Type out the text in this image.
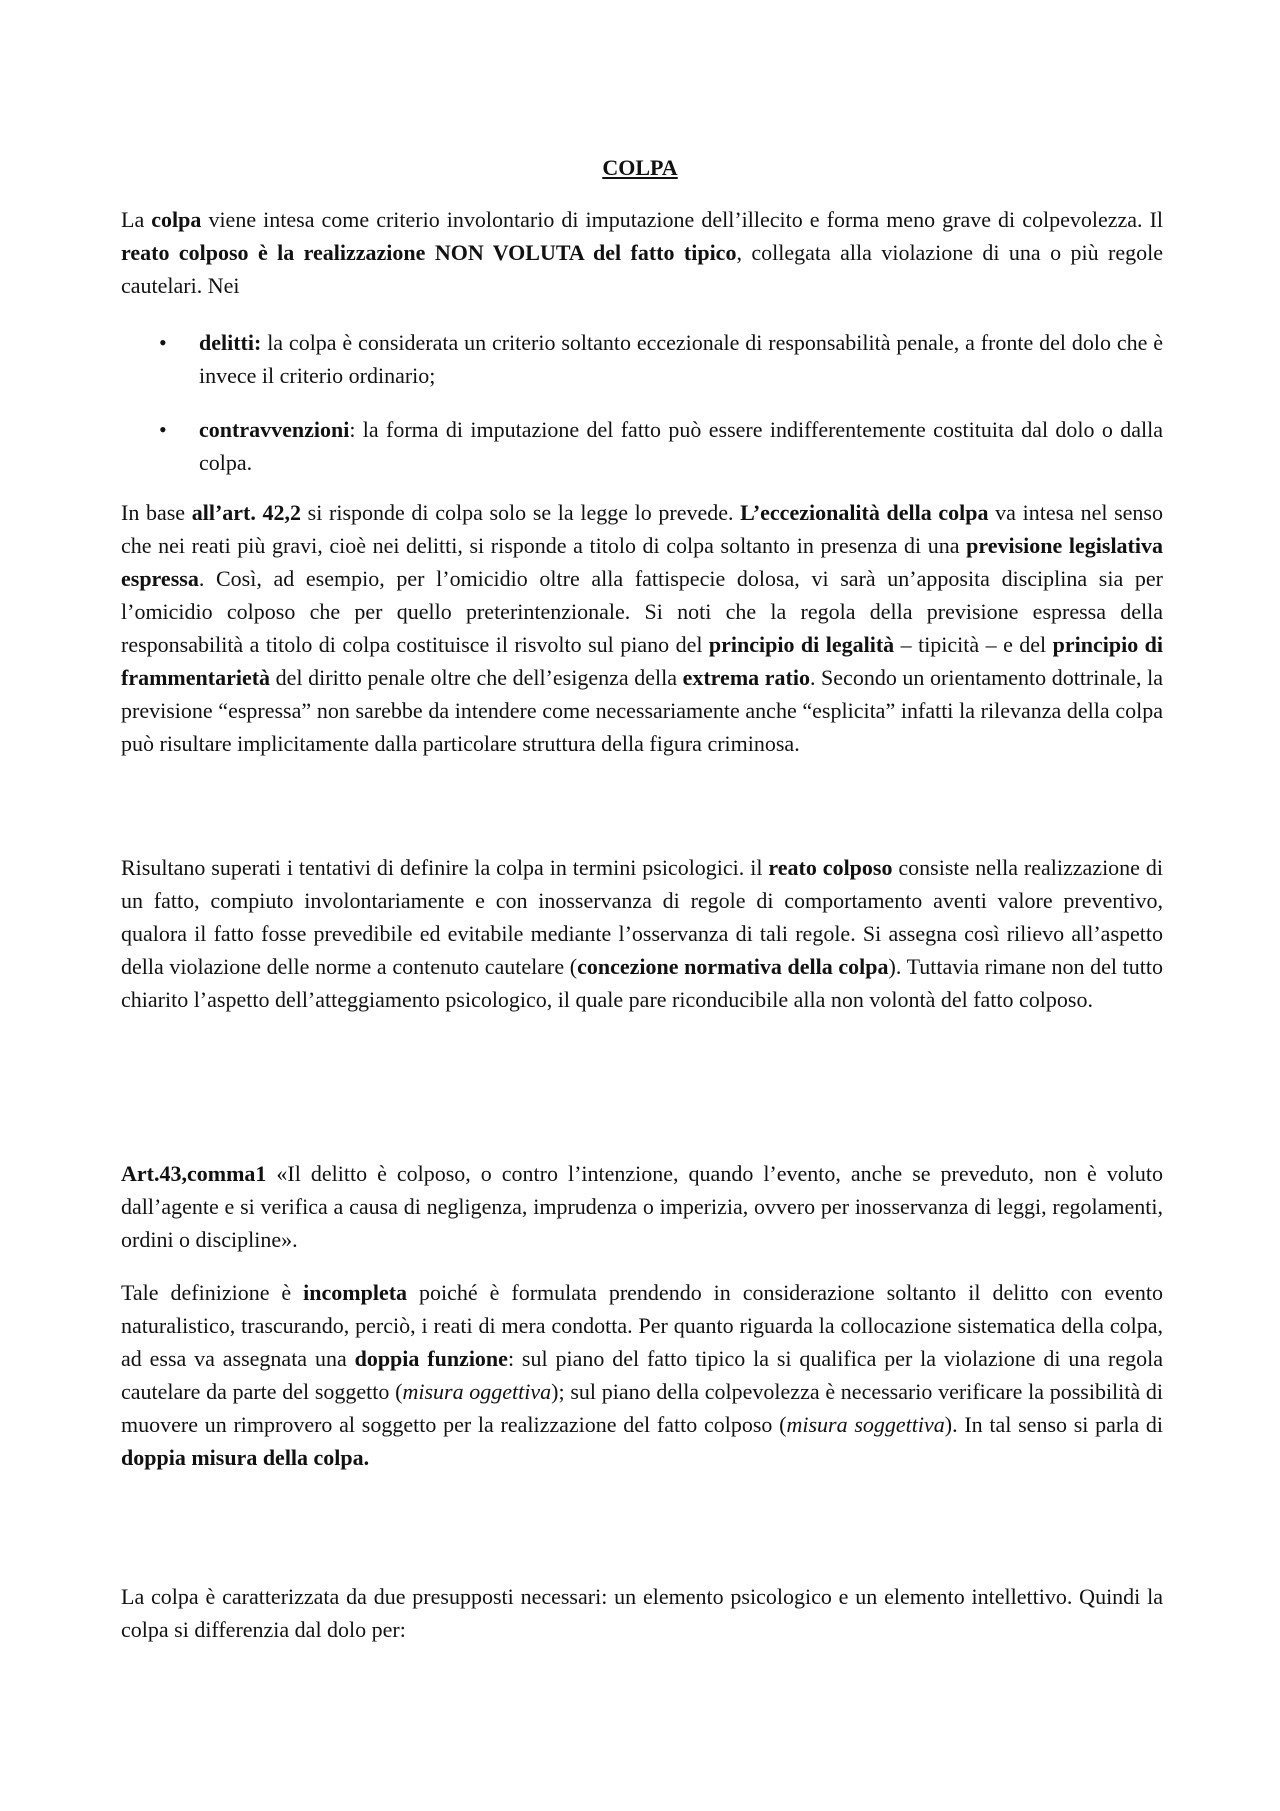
COLPA

La colpa viene intesa come criterio involontario di imputazione dell’illecito e forma meno grave di colpevolezza. Il reato colposo è la realizzazione NON VOLUTA del fatto tipico, collegata alla violazione di una o più regole cautelari. Nei

• delitti: la colpa è considerata un criterio soltanto eccezionale di responsabilità penale, a fronte del dolo che è invece il criterio ordinario;
• contravvenzioni: la forma di imputazione del fatto può essere indifferentemente costituita dal dolo o dalla colpa.

In base all’art. 42,2 si risponde di colpa solo se la legge lo prevede. L’eccezionalità della colpa va intesa nel senso che nei reati più gravi, cioè nei delitti, si risponde a titolo di colpa soltanto in presenza di una previsione legislativa espressa. Così, ad esempio, per l’omicidio oltre alla fattispecie dolosa, vi sarà un’apposita disciplina sia per l’omicidio colposo che per quello preterintenzionale. Si noti che la regola della previsione espressa della responsabilità a titolo di colpa costituisce il risvolto sul piano del principio di legalità – tipicità – e del principio di frammentarietà del diritto penale oltre che dell’esigenza della extrema ratio. Secondo un orientamento dottrinale, la previsione “espressa” non sarebbe da intendere come necessariamente anche “esplicita” infatti la rilevanza della colpa può risultare implicitamente dalla particolare struttura della figura criminosa.

Risultano superati i tentativi di definire la colpa in termini psicologici. il reato colposo consiste nella realizzazione di un fatto, compiuto involontariamente e con inosservanza di regole di comportamento aventi valore preventivo, qualora il fatto fosse prevedibile ed evitabile mediante l’osservanza di tali regole. Si assegna così rilievo all’aspetto della violazione delle norme a contenuto cautelare (concezione normativa della colpa). Tuttavia rimane non del tutto chiarito l’aspetto dell’atteggiamento psicologico, il quale pare riconducibile alla non volontà del fatto colposo.

Art.43,comma1 «Il delitto è colposo, o contro l’intenzione, quando l’evento, anche se preveduto, non è voluto dall’agente e si verifica a causa di negligenza, imprudenza o imperizia, ovvero per inosservanza di leggi, regolamenti, ordini o discipline».

Tale definizione è incompleta poiché è formulata prendendo in considerazione soltanto il delitto con evento naturalistico, trascurando, perciò, i reati di mera condotta. Per quanto riguarda la collocazione sistematica della colpa, ad essa va assegnata una doppia funzione: sul piano del fatto tipico la si qualifica per la violazione di una regola cautelare da parte del soggetto (misura oggettiva); sul piano della colpevolezza è necessario verificare la possibilità di muovere un rimprovero al soggetto per la realizzazione del fatto colposo (misura soggettiva). In tal senso si parla di doppia misura della colpa.

La colpa è caratterizzata da due presupposti necessari: un elemento psicologico e un elemento intellettivo. Quindi la colpa si differenzia dal dolo per:
